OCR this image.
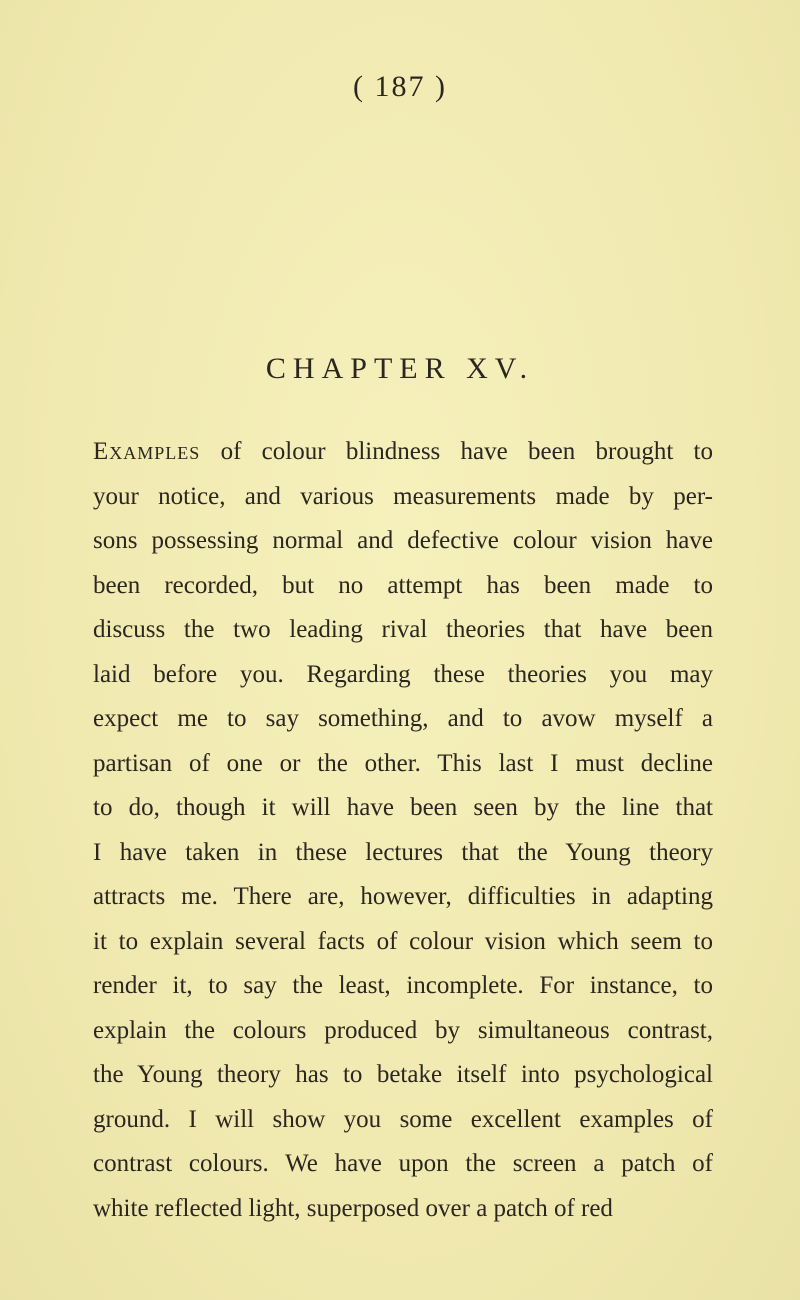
( 187 )
CHAPTER XV.
Examples of colour blindness have been brought to
your notice, and various measurements made by per-
sons possessing normal and defective colour vision have
been recorded, but no attempt has been made to
discuss the two leading rival theories that have been
laid before you. Regarding these theories you may
expect me to say something, and to avow myself a
partisan of one or the other. This last I must decline
to do, though it will have been seen by the line that
I have taken in these lectures that the Young theory
attracts me. There are, however, difficulties in adapting
it to explain several facts of colour vision which seem to
render it, to say the least, incomplete. For instance, to
explain the colours produced by simultaneous contrast,
the Young theory has to betake itself into psychological
ground. I will show you some excellent examples of
contrast colours. We have upon the screen a patch of
white reflected light, superposed over a patch of red
